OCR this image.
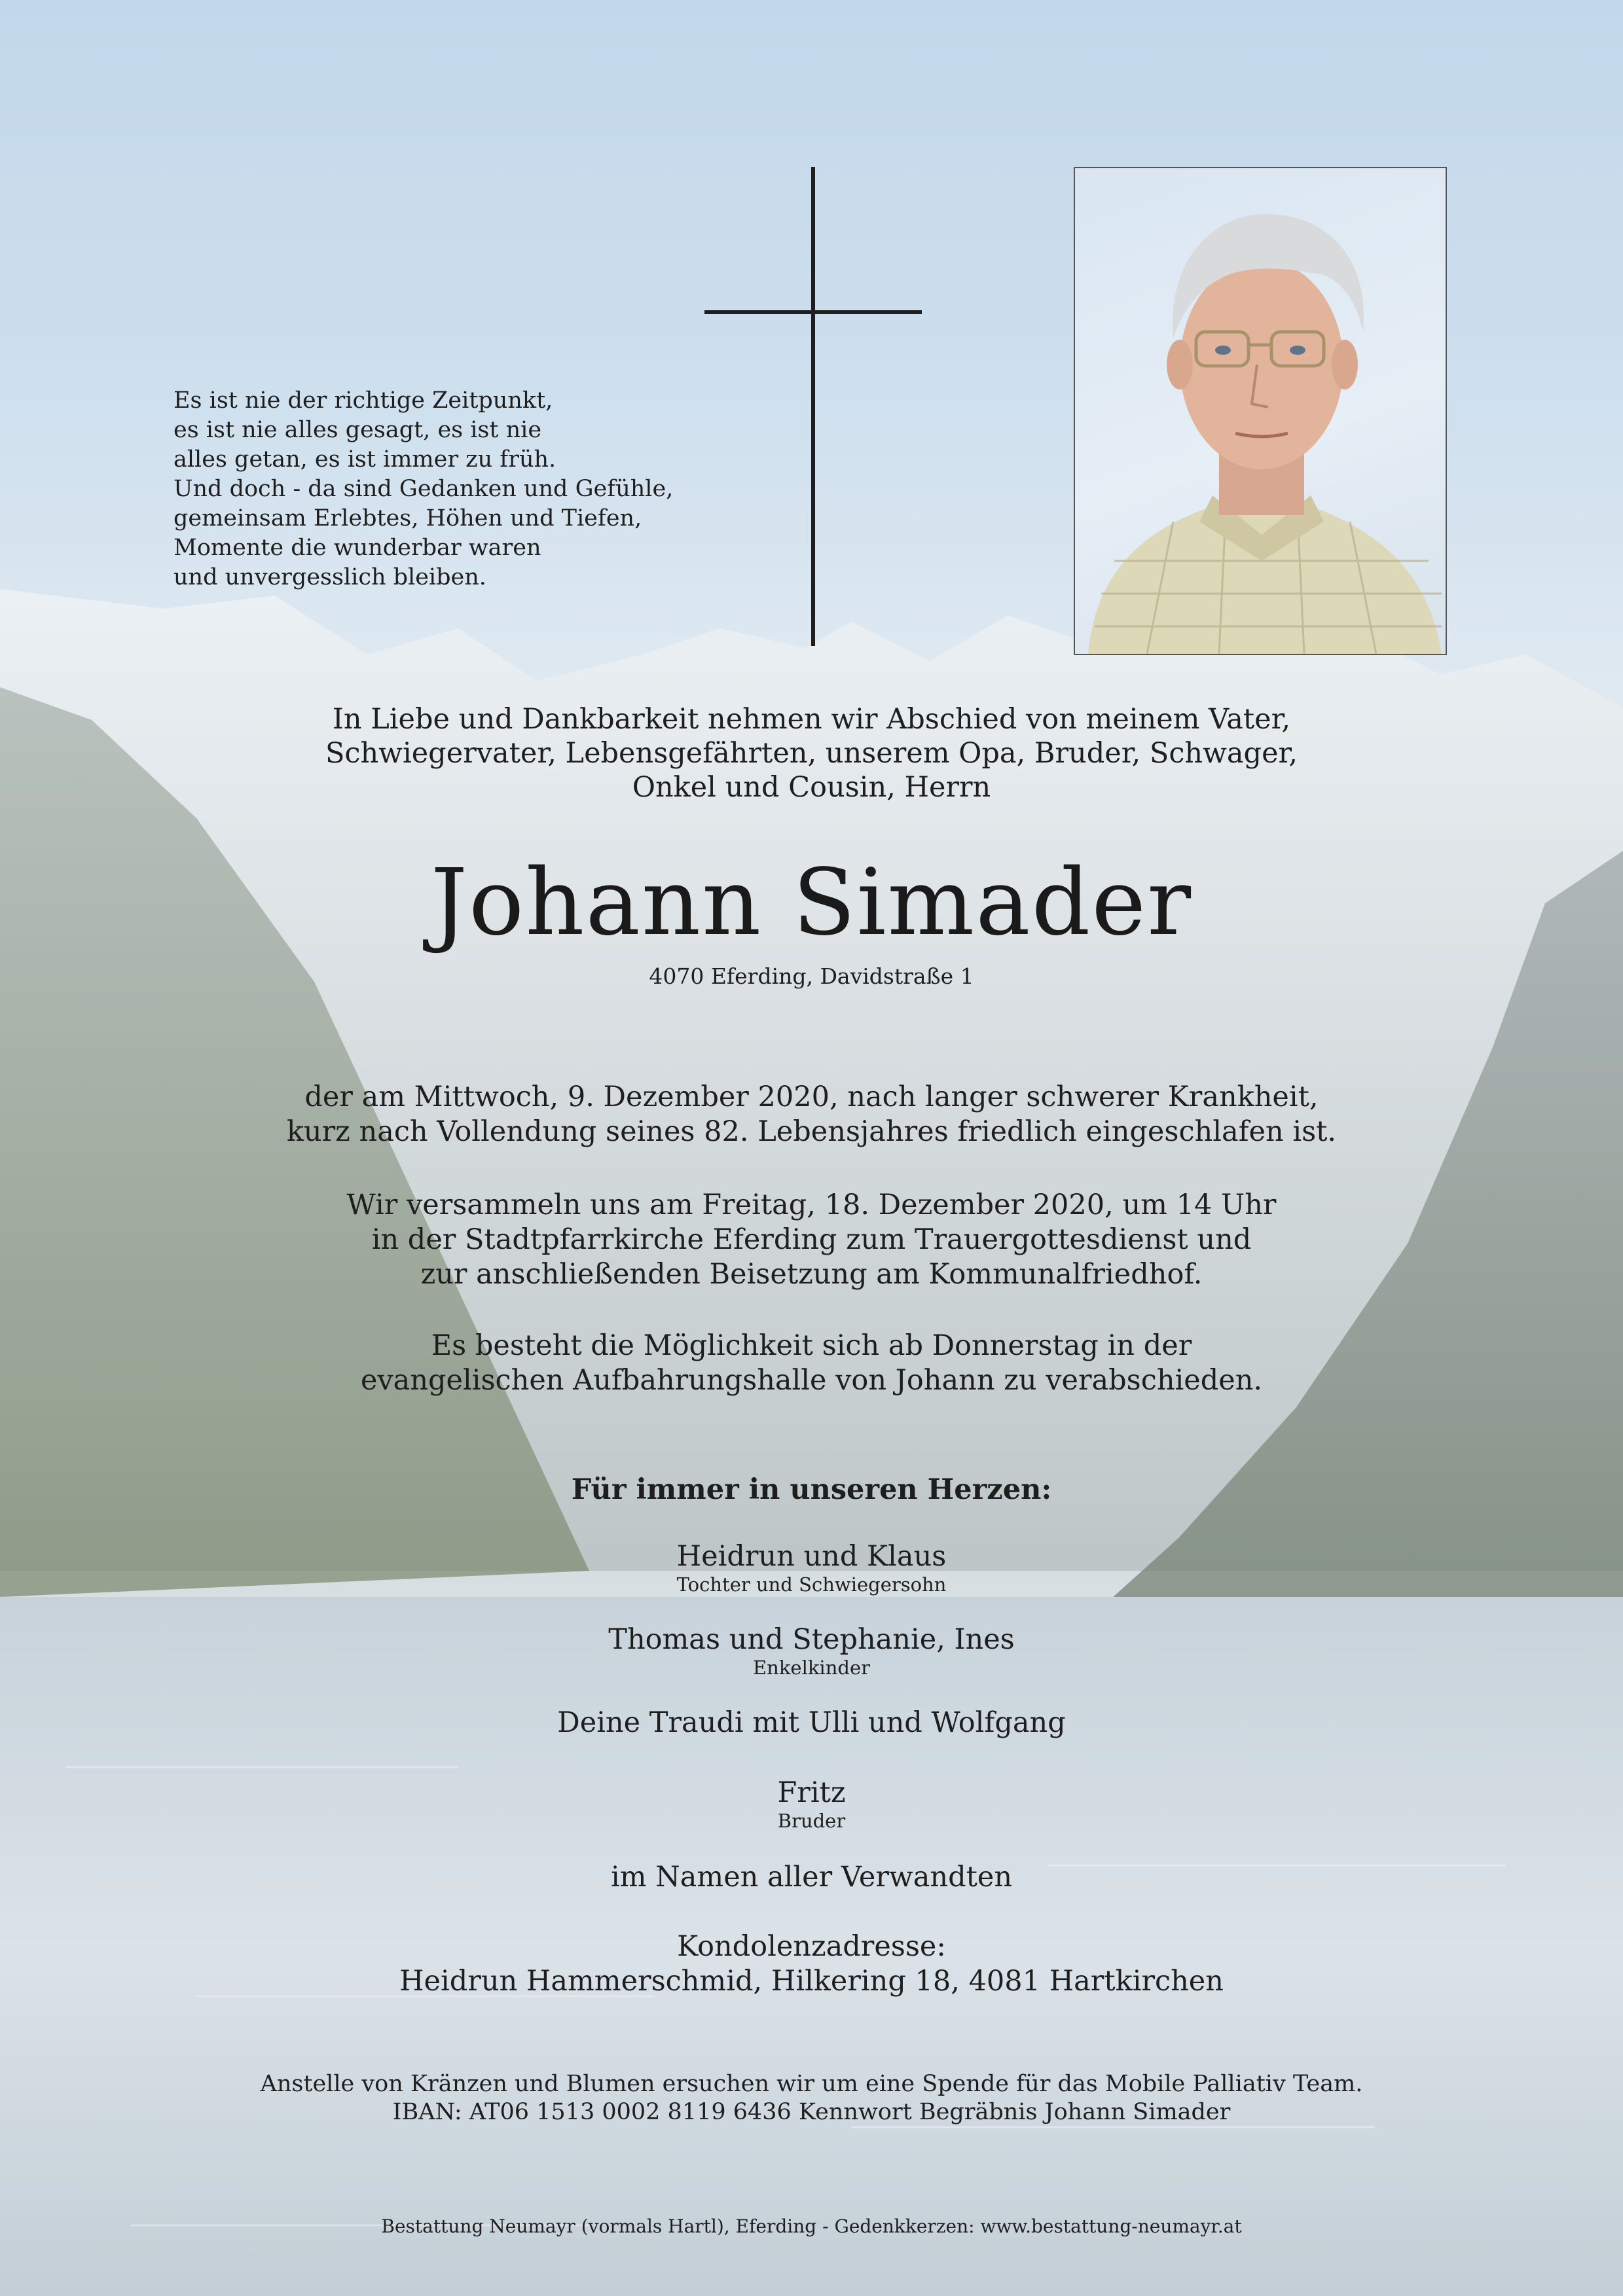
Es ist nie der richtige Zeitpunkt,
es ist nie alles gesagt, es ist nie
alles getan, es ist immer zu früh.
Und doch - da sind Gedanken und Gefühle,
gemeinsam Erlebtes, Höhen und Tiefen,
Momente die wunderbar waren
und unvergesslich bleiben.
In Liebe und Dankbarkeit nehmen wir Abschied von meinem Vater,
Schwiegervater, Lebensgefährten, unserem Opa, Bruder, Schwager,
Onkel und Cousin, Herrn
Johann Simader
4070 Eferding, Davidstraße 1
der am Mittwoch, 9. Dezember 2020, nach langer schwerer Krankheit,
kurz nach Vollendung seines 82. Lebensjahres friedlich eingeschlafen ist.
Wir versammeln uns am Freitag, 18. Dezember 2020, um 14 Uhr
in der Stadtpfarrkirche Eferding zum Trauergottesdienst und
zur anschließenden Beisetzung am Kommunalfriedhof.
Es besteht die Möglichkeit sich ab Donnerstag in der
evangelischen Aufbahrungshalle von Johann zu verabschieden.
Für immer in unseren Herzen:
Heidrun und Klaus
Tochter und Schwiegersohn
Thomas und Stephanie, Ines
Enkelkinder
Deine Traudi mit Ulli und Wolfgang
Fritz
Bruder
im Namen aller Verwandten
Kondolenzadresse:
Heidrun Hammerschmid, Hilkering 18, 4081 Hartkirchen
Anstelle von Kränzen und Blumen ersuchen wir um eine Spende für das Mobile Palliativ Team.
IBAN: AT06 1513 0002 8119 6436 Kennwort Begräbnis Johann Simader
Bestattung Neumayr (vormals Hartl), Eferding - Gedenkkerzen: www.bestattung-neumayr.at
